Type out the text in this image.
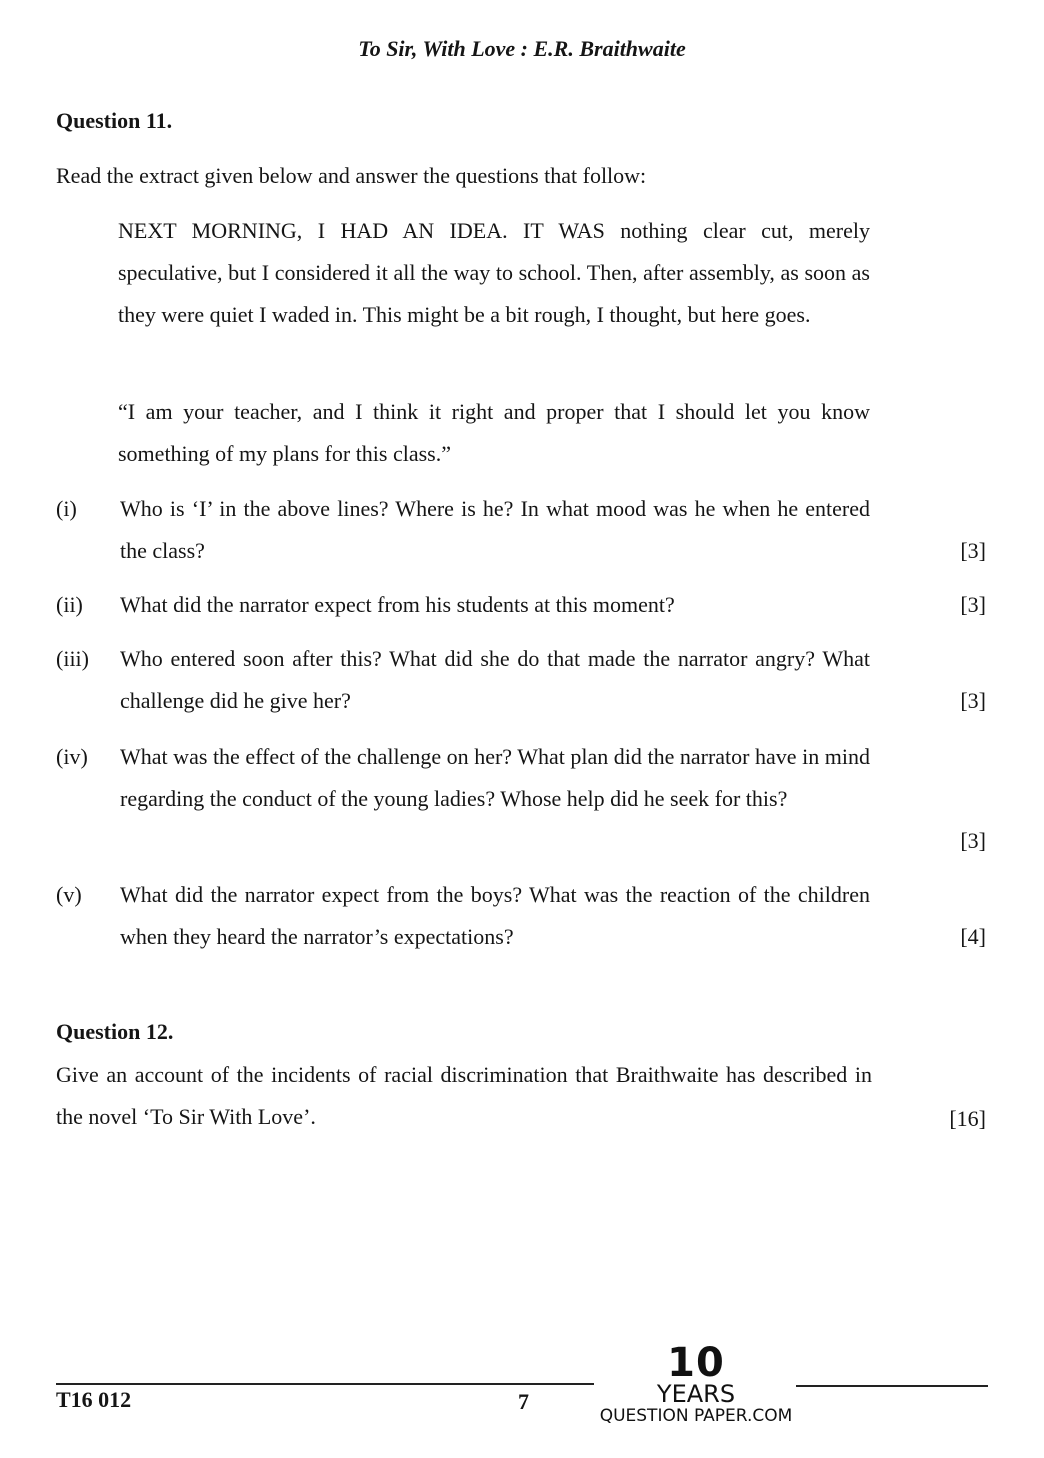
To Sir, With Love : E.R. Braithwaite
Question 11.
Read the extract given below and answer the questions that follow:
NEXT MORNING, I HAD AN IDEA. IT WAS nothing clear cut, merely speculative, but I considered it all the way to school. Then, after assembly, as soon as they were quiet I waded in. This might be a bit rough, I thought, but here goes.
“I am your teacher, and I think it right and proper that I should let you know something of my plans for this class.”
(i) Who is ‘I’ in the above lines? Where is he? In what mood was he when he entered the class?	[3]
(ii) What did the narrator expect from his students at this moment?	[3]
(iii) Who entered soon after this? What did she do that made the narrator angry? What challenge did he give her?	[3]
(iv) What was the effect of the challenge on her? What plan did the narrator have in mind regarding the conduct of the young ladies? Whose help did he seek for this?
[3]
(v) What did the narrator expect from the boys? What was the reaction of the children when they heard the narrator’s expectations?	[4]
Question 12.
Give an account of the incidents of racial discrimination that Braithwaite has described in the novel ‘To Sir With Love’.	[16]
T16 012	7
10
YEARS
QUESTION PAPER.COM
